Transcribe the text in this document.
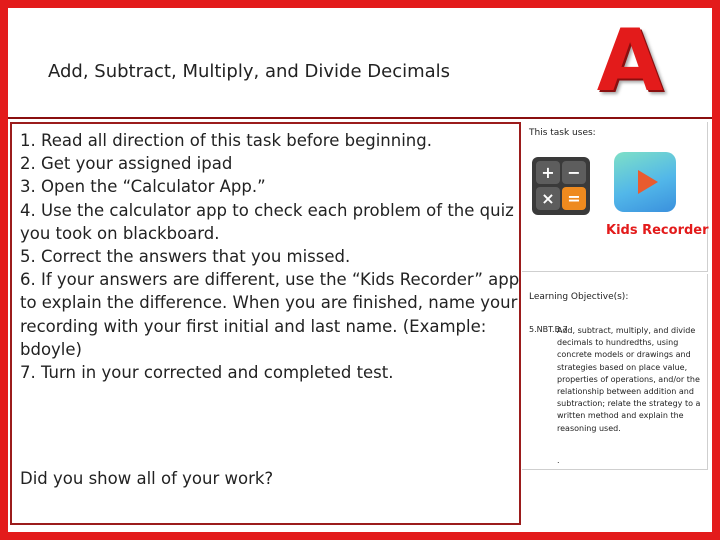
Add, Subtract, Multiply, and Divide Decimals A
1. Read all direction of this task before beginning.
2. Get your assigned ipad
3. Open the “Calculator App.”
4. Use the calculator app to check each problem of the quiz you took on blackboard.
5. Correct the answers that you missed.
6. If your answers are different, use the “Kids Recorder” app to explain the difference. When you are finished, name your recording with your first initial and last name. (Example: bdoyle)
7. Turn in your corrected and completed test.
Did you show all of your work?
This task uses:
+ −
× =
Kids Recorder
Learning Objective(s):
5.NBT.B.7
Add, subtract, multiply, and divide decimals to hundredths, using concrete models or drawings and strategies based on place value, properties of operations, and/or the relationship between addition and subtraction; relate the strategy to a written method and explain the reasoning used.
.
